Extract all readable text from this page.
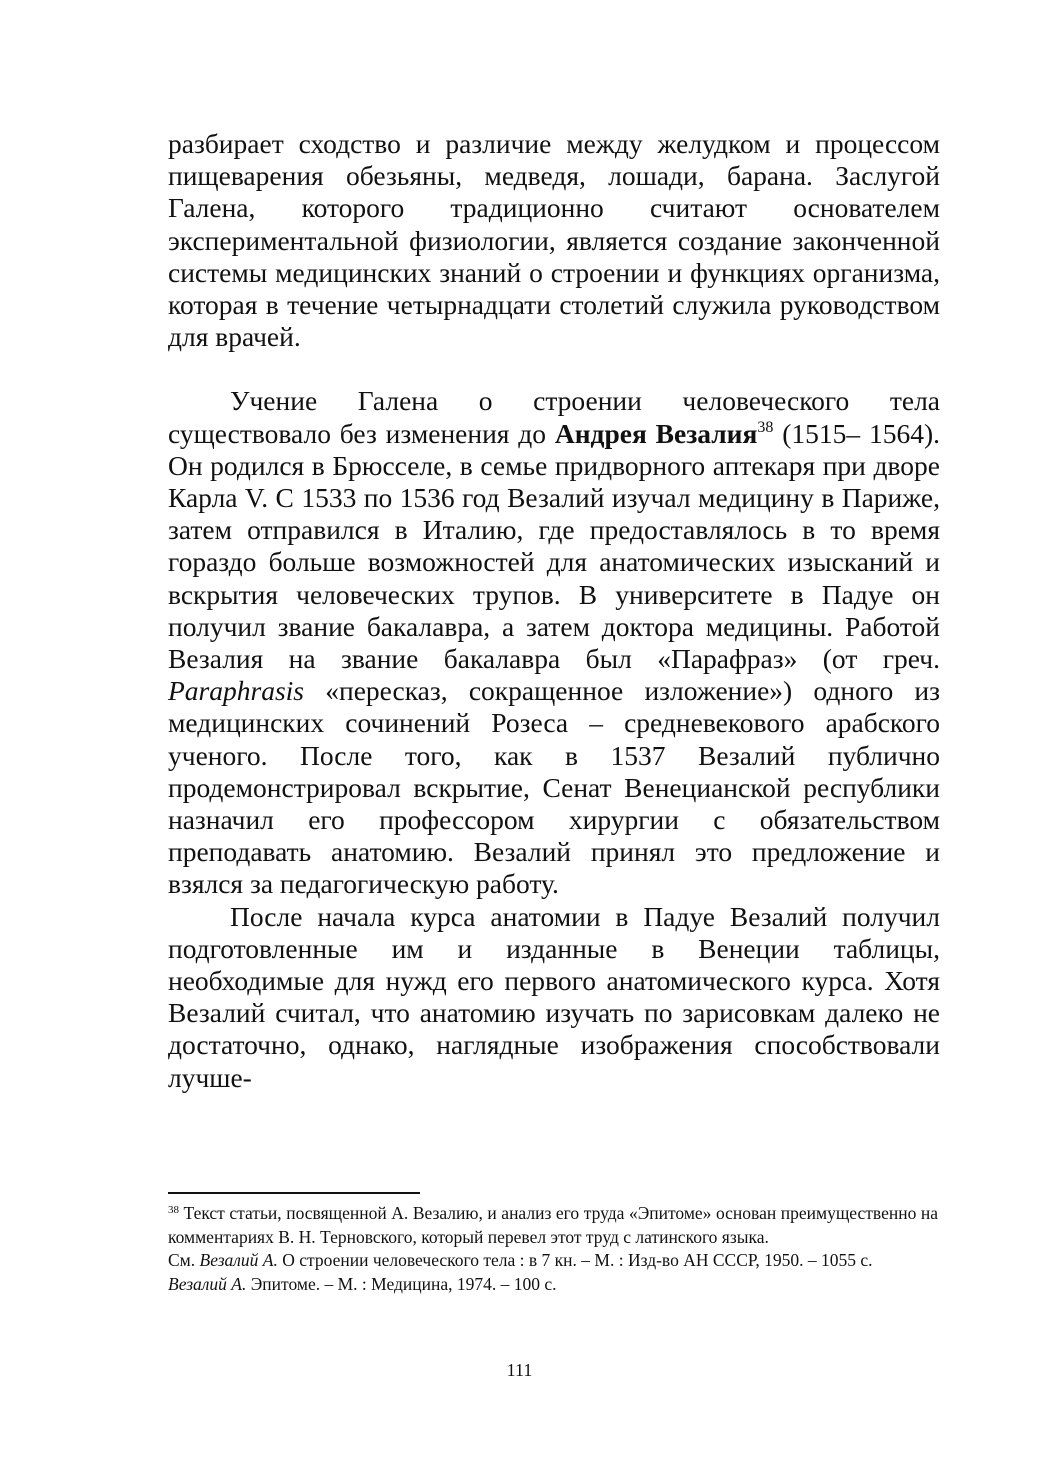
разбирает сходство и различие между желудком и процессом пищеварения обезьяны, медведя, лошади, барана. Заслугой Галена, которого традиционно считают основателем экспериментальной физиологии, является создание законченной системы медицинских знаний о строении и функциях организма, которая в течение четырнадцати столетий служила руководством для врачей.

Учение Галена о строении человеческого тела существовало без изменения до Андрея Везалия$^{38}$ (1515– 1564). Он родился в Брюсселе, в семье придворного аптекаря при дворе Карла V. С 1533 по 1536 год Везалий изучал медицину в Париже, затем отправился в Италию, где предоставлялось в то время гораздо больше возможностей для анатомических изысканий и вскрытия человеческих трупов. В университете в Падуе он получил звание бакалавра, а затем доктора медицины. Работой Везалия на звание бакалавра был «Парафраз» (от греч. Paraphrasis «пересказ, сокращенное изложение») одного из медицинских сочинений Розеса – средневекового арабского ученого. После того, как в 1537 Везалий публично продемонстрировал вскрытие, Сенат Венецианской республики назначил его профессором хирургии с обязательством преподавать анатомию. Везалий принял это предложение и взялся за педагогическую работу.

После начала курса анатомии в Падуе Везалий получил подготовленные им и изданные в Венеции таблицы, необходимые для нужд его первого анатомического курса. Хотя Везалий считал, что анатомию изучать по зарисовкам далеко не достаточно, однако, наглядные изображения способствовали лучше-

$^{38}$ Текст статьи, посвященной А. Везалию, и анализ его труда «Эпитоме» основан преимущественно на комментариях В. Н. Терновского, который перевел этот труд с латинского языка.

См. Везалий А. О строении человеческого тела : в 7 кн. – М. : Изд-во АН СССР, 1950. – 1055 с.

Везалий А. Эпитоме. – М. : Медицина, 1974. – 100 с.

111
